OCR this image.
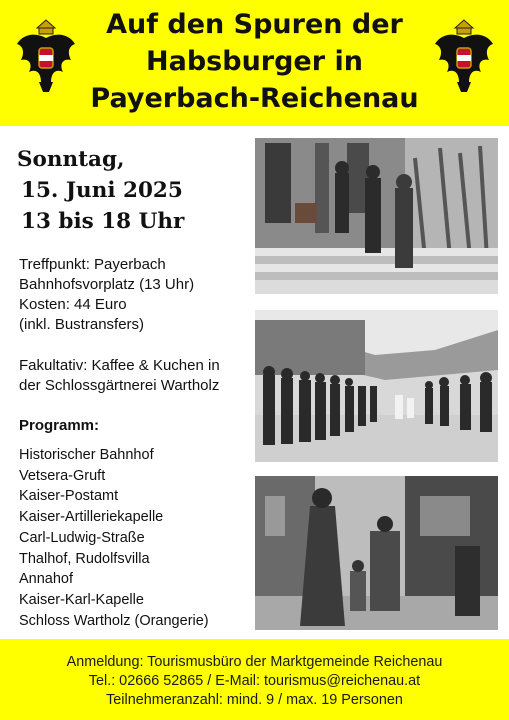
Auf den Spuren der
Habsburger in
Payerbach-Reichenau
Sonntag,
15. Juni 2025
13 bis 18 Uhr
Treffpunkt: Payerbach
Bahnhofsvorplatz (13 Uhr)
Kosten: 44 Euro
(inkl. Bustransfers)
Fakultativ: Kaffee & Kuchen in
der Schlossgärtnerei Wartholz
Programm:
Historischer Bahnhof
Vetsera-Gruft
Kaiser-Postamt
Kaiser-Artilleriekapelle
Carl-Ludwig-Straße
Thalhof, Rudolfsvilla
Annahof
Kaiser-Karl-Kapelle
Schloss Wartholz (Orangerie)
Anmeldung: Tourismusbüro der Marktgemeinde Reichenau
Tel.: 02666 52865 / E-Mail: tourismus@reichenau.at
Teilnehmeranzahl: mind. 9 / max. 19 Personen
